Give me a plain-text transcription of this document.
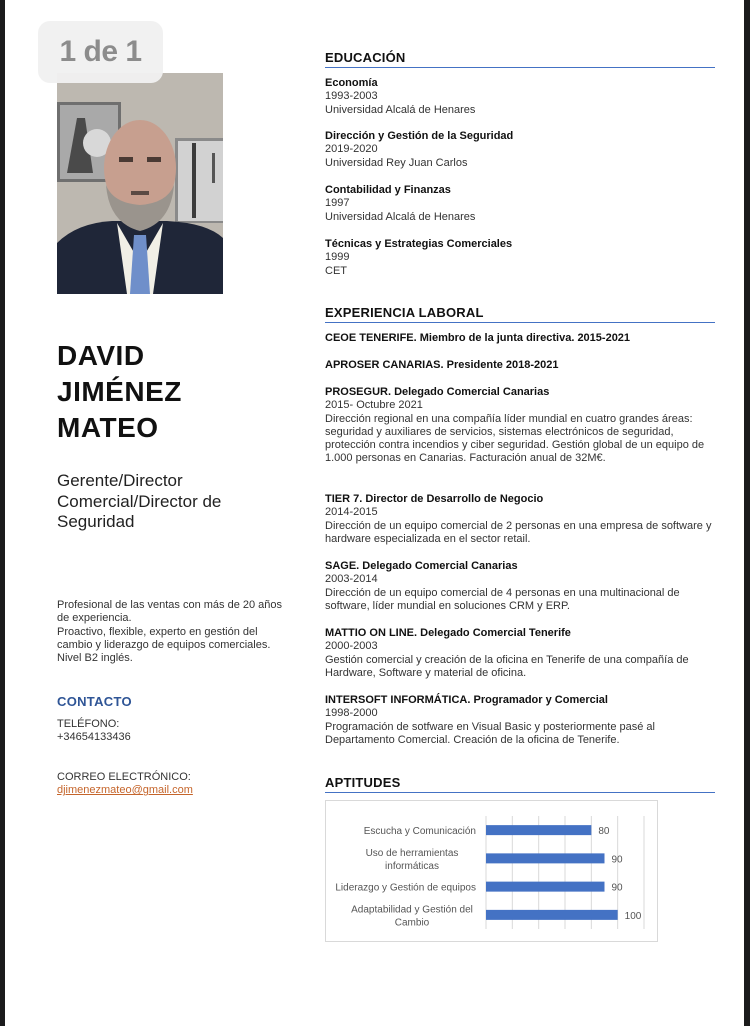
1 de 1
DAVID
JIMÉNEZ
MATEO
Gerente/Director Comercial/Director de Seguridad
Profesional de las ventas con más de 20 años de experiencia.
Proactivo, flexible, experto en gestión del cambio y liderazgo de equipos comerciales. Nivel B2 inglés.
CONTACTO
TELÉFONO:
+34654133436
CORREO ELECTRÓNICO:
djimenezmateo@gmail.com
EDUCACIÓN

Economía

1993-2003

Universidad Alcalá de Henares

Dirección y Gestión de la Seguridad

2019-2020

Universidad Rey Juan Carlos

Contabilidad y Finanzas

1997

Universidad Alcalá de Henares

Técnicas y Estrategias Comerciales

1999

CET

EXPERIENCIA LABORAL

CEOE TENERIFE. Miembro de la junta directiva. 2015-2021

APROSER CANARIAS. Presidente 2018-2021

PROSEGUR. Delegado Comercial Canarias

2015- Octubre 2021

Dirección regional en una compañía líder mundial en cuatro grandes áreas: seguridad y auxiliares de servicios, sistemas electrónicos de seguridad, protección contra incendios y ciber seguridad. Gestión global de un equipo de 1.000 personas en Canarias. Facturación anual de 32M€.

TIER 7. Director de Desarrollo de Negocio

2014-2015

Dirección de un equipo comercial de 2 personas en una empresa de software y hardware especializada en el sector retail.

SAGE. Delegado Comercial Canarias

2003-2014

Dirección de un equipo comercial de 4 personas en una multinacional de software, líder mundial en soluciones CRM y ERP.

MATTIO ON LINE. Delegado Comercial Tenerife

2000-2003

Gestión comercial y creación de la oficina en Tenerife de una compañía de Hardware, Software y material de oficina.

INTERSOFT INFORMÁTICA. Programador y Comercial

1998-2000

Programación de sotfware en Visual Basic y posteriormente pasé al Departamento Comercial. Creación de la oficina de Tenerife.

APTITUDES
80
Escucha y Comunicación
90
Uso de herramientas
informáticas
90
Liderazgo y Gestión de equipos
100
Adaptabilidad y Gestión del
Cambio
